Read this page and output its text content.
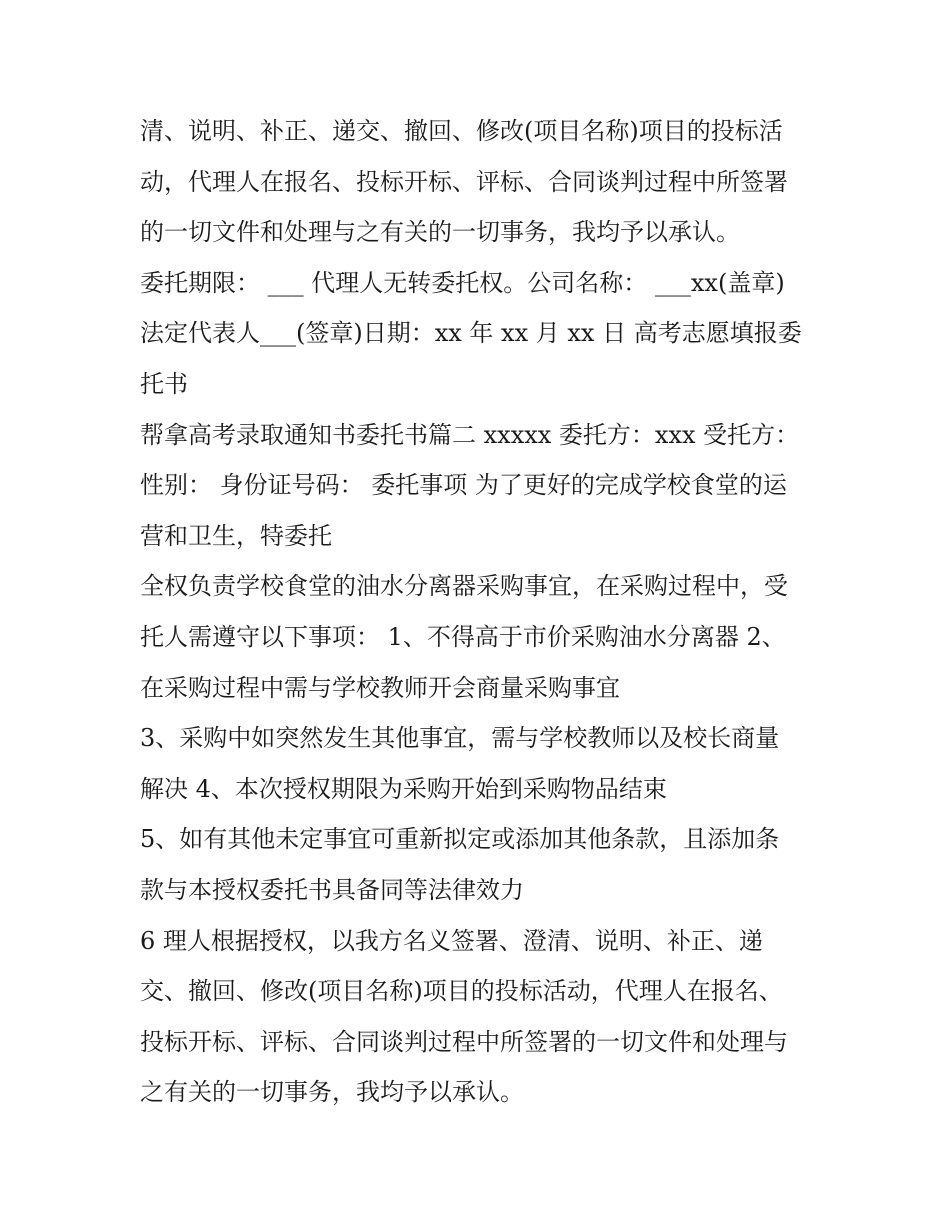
清、说明、补正、递交、撤回、修改(项目名称)项目的投标活
动，代理人在报名、投标开标、评标、合同谈判过程中所签署
的一切文件和处理与之有关的一切事务，我均予以承认。
委托期限： ___ 代理人无转委托权。公司名称： ___xx(盖章)
法定代表人___(签章)日期：xx 年 xx 月 xx 日 高考志愿填报委
托书
帮拿高考录取通知书委托书篇二 xxxxx 委托方：xxx 受托方：
性别： 身份证号码： 委托事项 为了更好的完成学校食堂的运
营和卫生，特委托
全权负责学校食堂的油水分离器采购事宜，在采购过程中，受
托人需遵守以下事项： 1、不得高于市价采购油水分离器 2、
在采购过程中需与学校教师开会商量采购事宜
3、采购中如突然发生其他事宜，需与学校教师以及校长商量
解决 4、本次授权期限为采购开始到采购物品结束
5、如有其他未定事宜可重新拟定或添加其他条款，且添加条
款与本授权委托书具备同等法律效力
6 理人根据授权，以我方名义签署、澄清、说明、补正、递
交、撤回、修改(项目名称)项目的投标活动，代理人在报名、
投标开标、评标、合同谈判过程中所签署的一切文件和处理与
之有关的一切事务，我均予以承认。
